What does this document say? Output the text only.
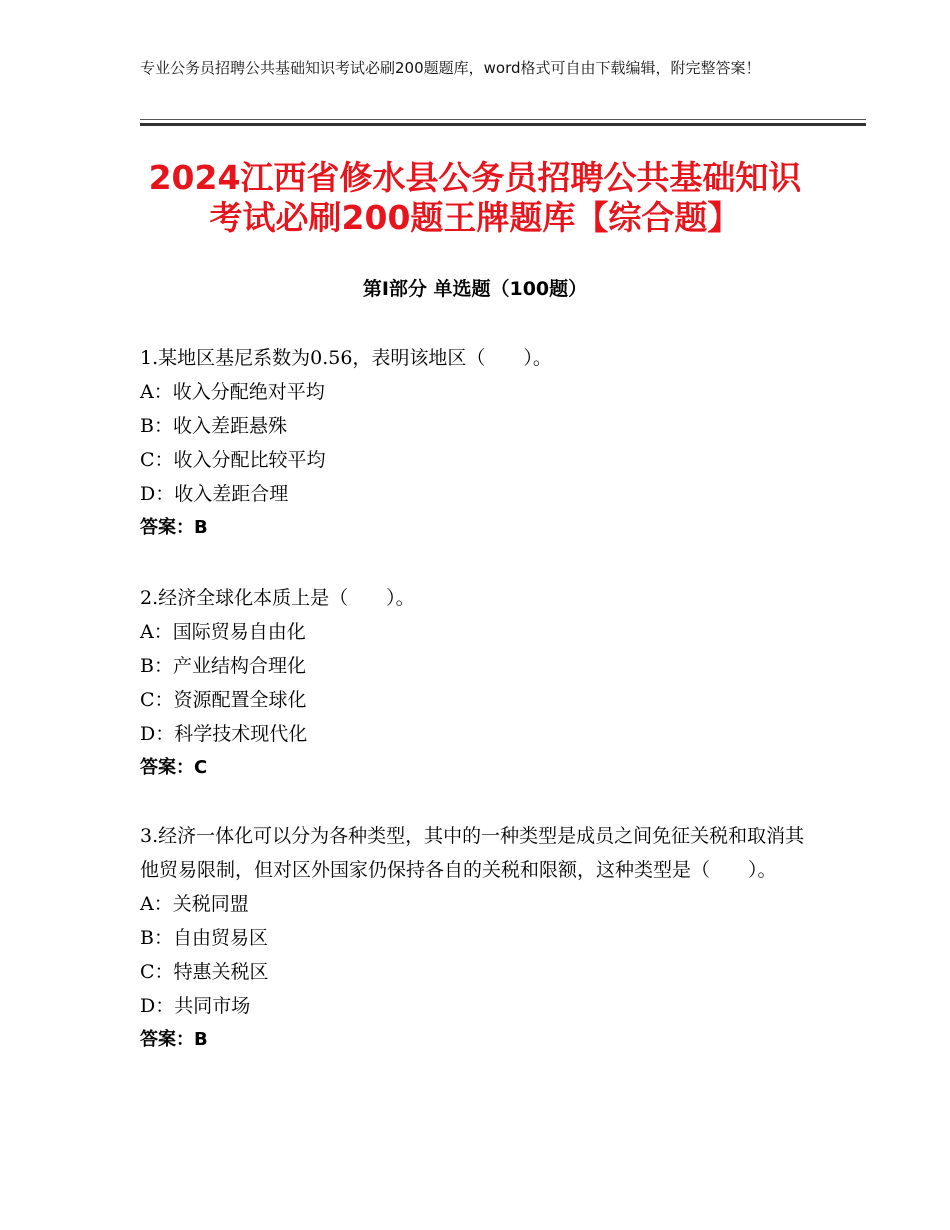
专业公务员招聘公共基础知识考试必刷200题题库，word格式可自由下载编辑，附完整答案！
2024江西省修水县公务员招聘公共基础知识
考试必刷200题王牌题库【综合题】
第Ⅰ部分 单选题（100题）
1.某地区基尼系数为0.56，表明该地区（　　）。
A：收入分配绝对平均
B：收入差距悬殊
C：收入分配比较平均
D：收入差距合理
答案：B
2.经济全球化本质上是（　　）。
A：国际贸易自由化
B：产业结构合理化
C：资源配置全球化
D：科学技术现代化
答案：C
3.经济一体化可以分为各种类型，其中的一种类型是成员之间免征关税和取消其他贸易限制，但对区外国家仍保持各自的关税和限额，这种类型是（　　）。
A：关税同盟
B：自由贸易区
C：特惠关税区
D：共同市场
答案：B
